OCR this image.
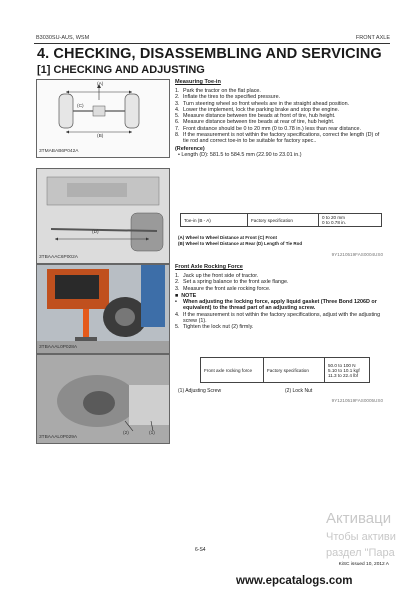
B3030SU-AUS, WSM	FRONT AXLE
4. CHECKING, DISASSEMBLING AND SERVICING
[1] CHECKING AND ADJUSTING
(A)
(C)
(B)
3TMABAB6P042A
(D)
3TBAAAC6P002A
3TBAAAL0P028A
(2)	(1)
3TBAAAL0P029A
Measuring Toe-in
1. Park the tractor on the flat place.
2. Inflate the tires to the specified pressure.
3. Turn steering wheel so front wheels are in the straight ahead position.
4. Lower the implement, lock the parking brake and stop the engine.
5. Measure distance between tire beads at front of tire, hub height.
6. Measure distance between tire beads at rear of tire, hub height.
7. Front distance should be 0 to 20 mm (0 to 0.78 in.) less than rear distance.
8. If the measurement is not within the factory specifications, correct the length (D) of tie rod and correct toe-in to be suitable for factory spec..
(Reference)
• Length (D): 581.5 to 584.5 mm (22.90 to 23.01 in.)
Toe-in (B - A)	Factory specification	0 to 20 mm
0 to 0.78 in.
(A) Wheel to Wheel Distance at Front (C) Front
(B) Wheel to Wheel Distance at Rear (D) Length of Tie Rod
9Y1210519FAS0004US0
Front Axle Rocking Force
1. Jack up the front side of tractor.
2. Set a spring balance to the front axle flange.
3. Measure the front axle rocking force.
■  NOTE
• When adjusting the locking force, apply liquid gasket (Three Bond 1206D or equivalent) to the thread part of an adjusting screw.
4. If the measurement is not within the factory specifications, adjust with the adjusting screw (1).
5. Tighten the lock nut (2) firmly.
Front axle rocking force	Factory specification	50.0 to 100 N
5.10 to 10.1 kgf
11.3 to 22.4 lbf
(1) Adjusting Screw	(2) Lock Nut
9Y1210519FAS0005US0
6-S4
KiSC issued 10, 2012 A
Активаци
Чтобы активи
раздел "Пара
www.epcatalogs.com
